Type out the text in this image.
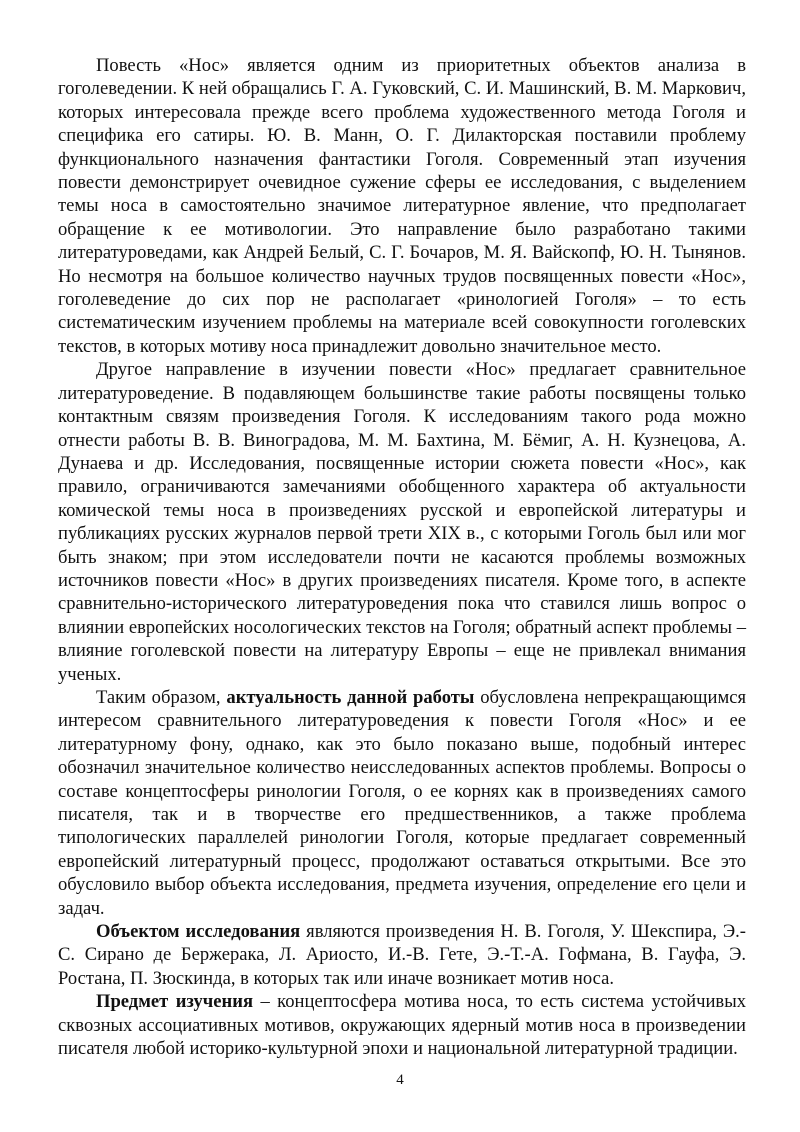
Повесть «Нос» является одним из приоритетных объектов анализа в гоголеведении. К ней обращались Г. А. Гуковский, С. И. Машинский, В. М. Маркович, которых интересовала прежде всего проблема художественного метода Гоголя и специфика его сатиры. Ю. В. Манн, О. Г. Дилакторская поставили проблему функционального назначения фантастики Гоголя. Современный этап изучения повести демонстрирует очевидное сужение сферы ее исследования, с выделением темы носа в самостоятельно значимое литературное явление, что предполагает обращение к ее мотивологии. Это направление было разработано такими литературоведами, как Андрей Белый, С. Г. Бочаров, М. Я. Вайскопф, Ю. Н. Тынянов. Но несмотря на большое количество научных трудов посвященных повести «Нос», гоголеведение до сих пор не располагает «ринологией Гоголя» – то есть систематическим изучением проблемы на материале всей совокупности гоголевских текстов, в которых мотиву носа принадлежит довольно значительное место.

Другое направление в изучении повести «Нос» предлагает сравнительное литературоведение. В подавляющем большинстве такие работы посвящены только контактным связям произведения Гоголя. К исследованиям такого рода можно отнести работы В. В. Виноградова, М. М. Бахтина, М. Бёмиг, А. Н. Кузнецова, А. Дунаева и др. Исследования, посвященные истории сюжета повести «Нос», как правило, ограничиваются замечаниями обобщенного характера об актуальности комической темы носа в произведениях русской и европейской литературы и публикациях русских журналов первой трети XIX в., с которыми Гоголь был или мог быть знаком; при этом исследователи почти не касаются проблемы возможных источников повести «Нос» в других произведениях писателя. Кроме того, в аспекте сравнительно-исторического литературоведения пока что ставился лишь вопрос о влиянии европейских носологических текстов на Гоголя; обратный аспект проблемы – влияние гоголевской повести на литературу Европы – еще не привлекал внимания ученых.

Таким образом, актуальность данной работы обусловлена непрекращающимся интересом сравнительного литературоведения к повести Гоголя «Нос» и ее литературному фону, однако, как это было показано выше, подобный интерес обозначил значительное количество неисследованных аспектов проблемы. Вопросы о составе концептосферы ринологии Гоголя, о ее корнях как в произведениях самого писателя, так и в творчестве его предшественников, а также проблема типологических параллелей ринологии Гоголя, которые предлагает современный европейский литературный процесс, продолжают оставаться открытыми. Все это обусловило выбор объекта исследования, предмета изучения, определение его цели и задач.

Объектом исследования являются произведения Н. В. Гоголя, У. Шекспира, Э.-С. Сирано де Бержерака, Л. Ариосто, И.-В. Гете, Э.-Т.-А. Гофмана, В. Гауфа, Э. Ростана, П. Зюскинда, в которых так или иначе возникает мотив носа.

Предмет изучения – концептосфера мотива носа, то есть система устойчивых сквозных ассоциативных мотивов, окружающих ядерный мотив носа в произведении писателя любой историко-культурной эпохи и национальной литературной традиции.

4
